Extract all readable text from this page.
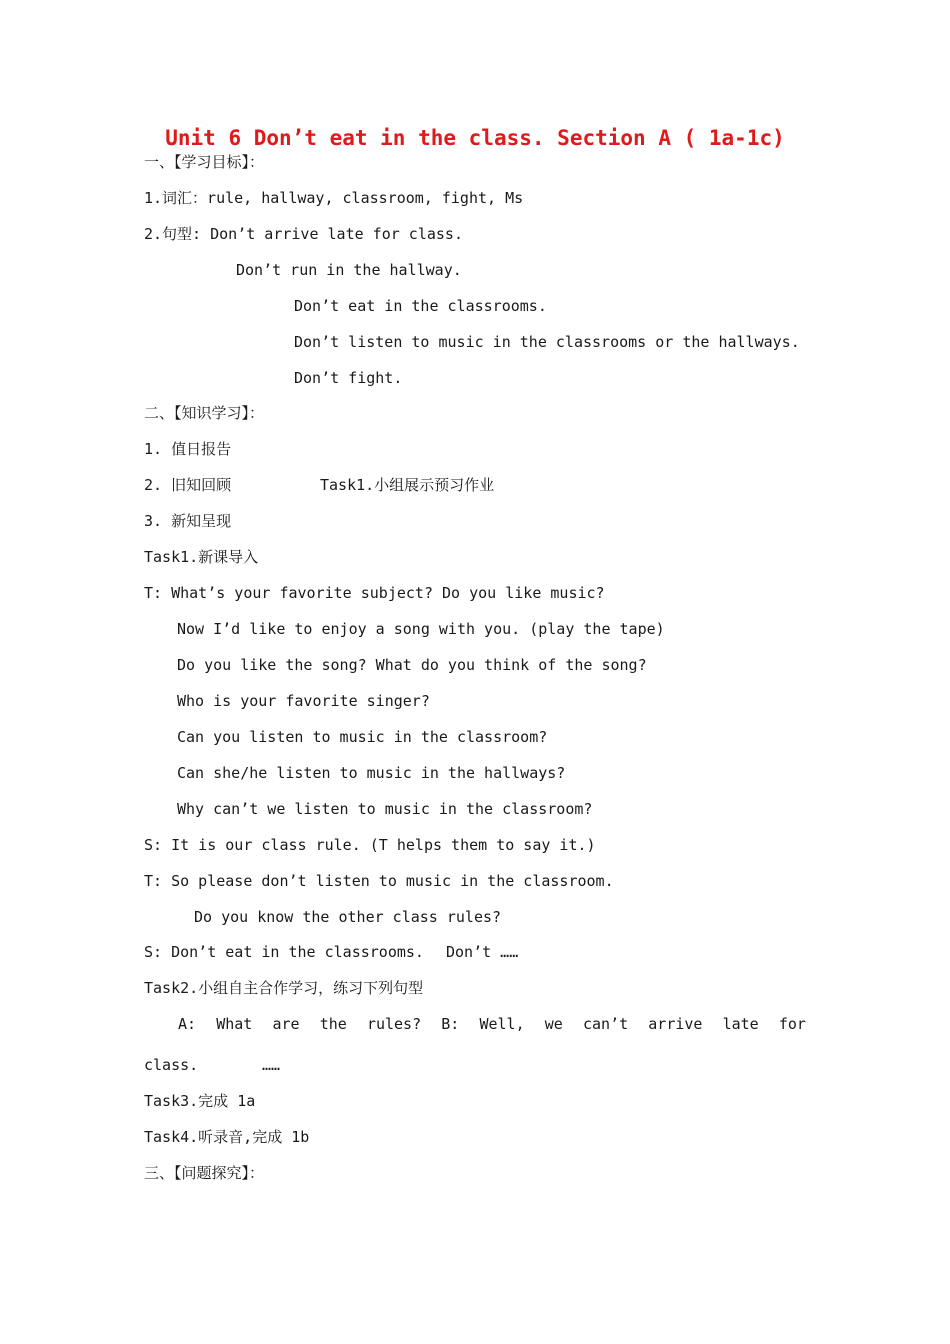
Unit 6 Don’t eat in the class. Section A ( 1a-1c)
一、【学习目标】：
1.词汇：rule, hallway, classroom, fight, Ms
2.句型: Don’t arrive late for class.
Don’t run in the hallway.
Don’t eat in the classrooms.
Don’t listen to music in the classrooms or the hallways.
Don’t fight.
二、【知识学习】：
1. 值日报告
2. 旧知回顾	Task1.小组展示预习作业
3. 新知呈现
Task1.新课导入
T: What’s your favorite subject? Do you like music?
Now I’d like to enjoy a song with you. (play the tape)
Do you like the song? What do you think of the song?
Who is your favorite singer?
Can you listen to music in the classroom?
Can she/he listen to music in the hallways?
Why can’t we listen to music in the classroom?
S: It is our class rule. (T helps them to say it.)
T: So please don’t listen to music in the classroom.
Do you know the other class rules?
S: Don’t eat in the classrooms. Don’t ……
Task2.小组自主合作学习，练习下列句型
A: What are the rules? B: Well, we can’t arrive late for
class.	……
Task3.完成 1a
Task4.听录音,完成 1b
三、【问题探究】：
